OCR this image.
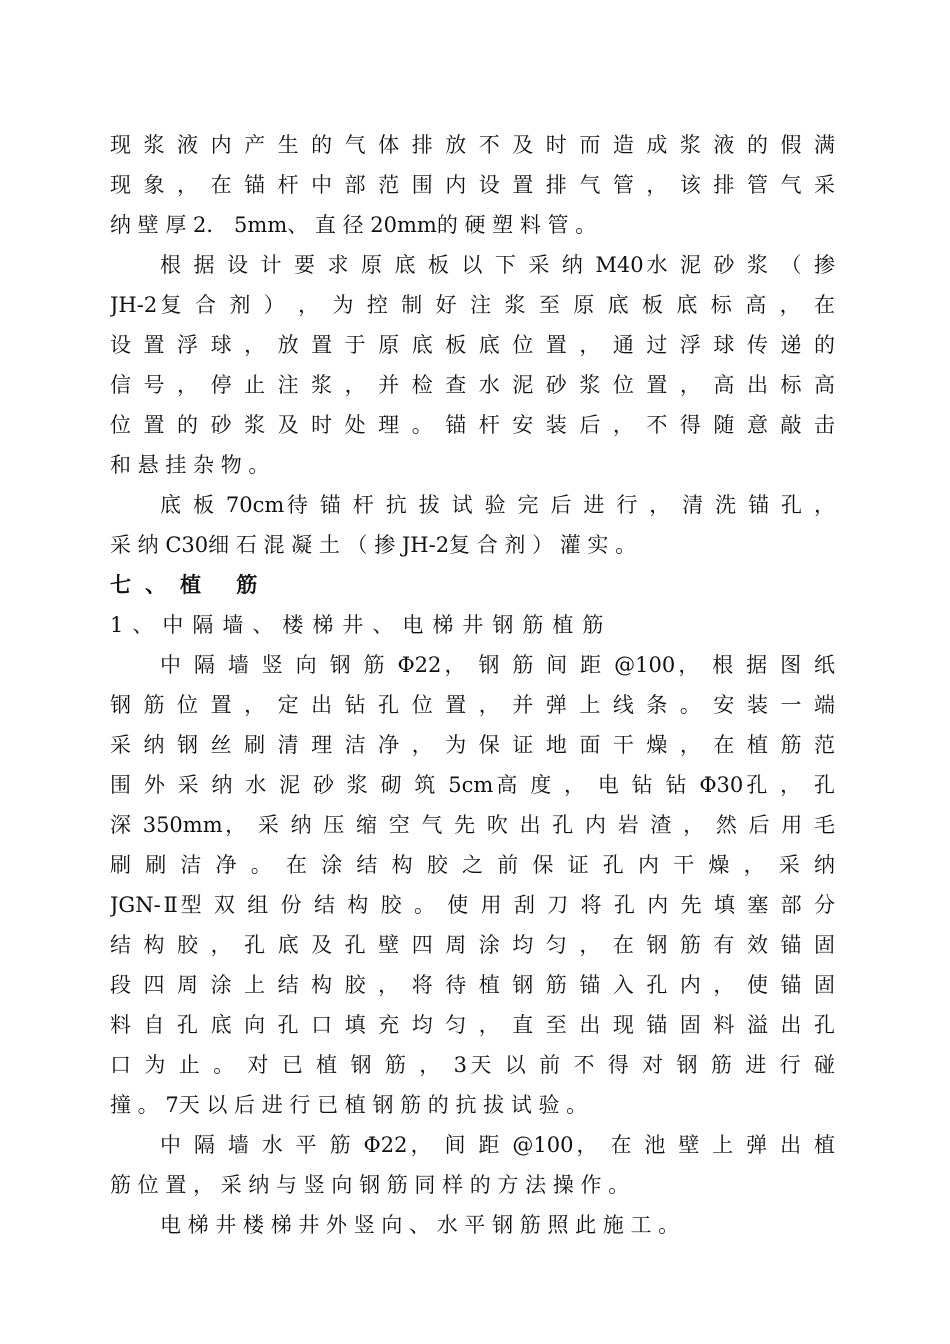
现 浆 液 内 产 生 的 气 体 排 放 不 及 时 而 造 成 浆 液 的 假 满
现 象 ， 在 锚 杆 中 部 范 围 内 设 置 排 气 管 ， 该 排 管 气 采
纳 壁 厚 2． 5mm、 直 径 20mm的 硬 塑 料 管 。
根 据 设 计 要 求 原 底 板 以 下 采 纳 M40水 泥 砂 浆 （ 掺
JH-2复 合 剂 ） ， 为 控 制 好 注 浆 至 原 底 板 底 标 高 ， 在
设 置 浮 球 ， 放 置 于 原 底 板 底 位 置 ， 通 过 浮 球 传 递 的
信 号 ， 停 止 注 浆 ， 并 检 查 水 泥 砂 浆 位 置 ， 高 出 标 高
位 置 的 砂 浆 及 时 处 理 。 锚 杆 安 装 后 ， 不 得 随 意 敲 击
和 悬 挂 杂 物 。
底 板 70cm待 锚 杆 抗 拔 试 验 完 后 进 行 ， 清 洗 锚 孔 ，
采 纳 C30细 石 混 凝 土 （ 掺 JH-2复 合 剂 ） 灌 实 。
七、植 筋
1、中隔墙、楼梯井、电梯井钢筋植筋
中 隔 墙 竖 向 钢 筋 Φ22， 钢 筋 间 距 @100， 根 据 图 纸
钢 筋 位 置 ， 定 出 钻 孔 位 置 ， 并 弹 上 线 条 。 安 装 一 端
采 纳 钢 丝 刷 清 理 洁 净 ， 为 保 证 地 面 干 燥 ， 在 植 筋 范
围 外 采 纳 水 泥 砂 浆 砌 筑 5cm高 度 ， 电 钻 钻 Φ30孔 ， 孔
深 350mm， 采 纳 压 缩 空 气 先 吹 出 孔 内 岩 渣 ， 然 后 用 毛
刷 刷 洁 净 。 在 涂 结 构 胶 之 前 保 证 孔 内 干 燥 ， 采 纳
JGN-Ⅱ型 双 组 份 结 构 胶 。 使 用 刮 刀 将 孔 内 先 填 塞 部 分
结 构 胶 ， 孔 底 及 孔 壁 四 周 涂 均 匀 ， 在 钢 筋 有 效 锚 固
段 四 周 涂 上 结 构 胶 ， 将 待 植 钢 筋 锚 入 孔 内 ， 使 锚 固
料 自 孔 底 向 孔 口 填 充 均 匀 ， 直 至 出 现 锚 固 料 溢 出 孔
口 为 止 。 对 已 植 钢 筋 ， 3天 以 前 不 得 对 钢 筋 进 行 碰
撞 。 7天 以 后 进 行 已 植 钢 筋 的 抗 拔 试 验 。
中 隔 墙 水 平 筋 Φ22， 间 距 @100， 在 池 壁 上 弹 出 植
筋 位 置 ， 采 纳 与 竖 向 钢 筋 同 样 的 方 法 操 作 。
电 梯 井 楼 梯 井 外 竖 向 、 水 平 钢 筋 照 此 施 工 。
